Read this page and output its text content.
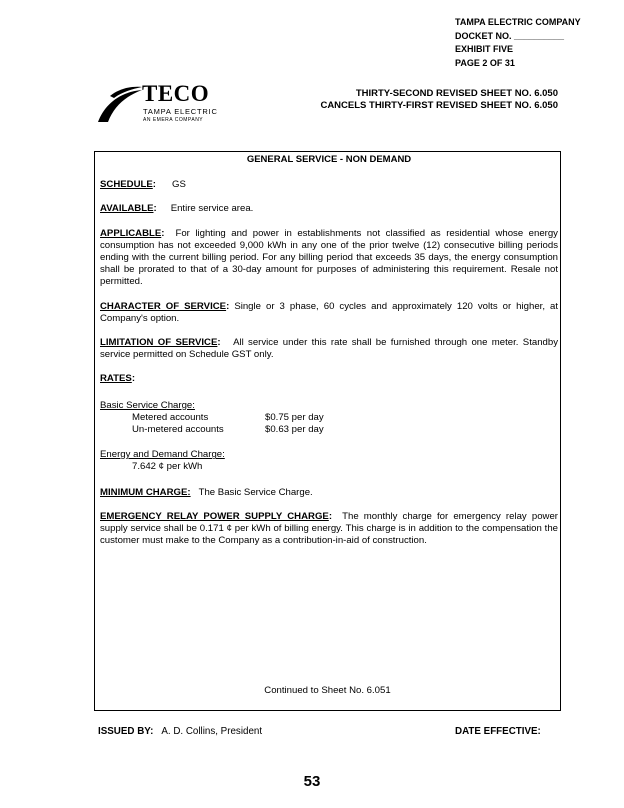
TAMPA ELECTRIC COMPANY
DOCKET NO. __________
EXHIBIT FIVE
PAGE 2 OF 31
TECO
TAMPA ELECTRIC
AN EMERA COMPANY
THIRTY-SECOND REVISED SHEET NO. 6.050
CANCELS THIRTY-FIRST REVISED SHEET NO. 6.050
GENERAL SERVICE - NON DEMAND
SCHEDULE: GS
AVAILABLE: Entire service area.
APPLICABLE: For lighting and power in establishments not classified as residential whose energy consumption has not exceeded 9,000 kWh in any one of the prior twelve (12) consecutive billing periods ending with the current billing period. For any billing period that exceeds 35 days, the energy consumption shall be prorated to that of a 30-day amount for purposes of administering this requirement. Resale not permitted.
CHARACTER OF SERVICE: Single or 3 phase, 60 cycles and approximately 120 volts or higher, at Company's option.
LIMITATION OF SERVICE: All service under this rate shall be furnished through one meter. Standby service permitted on Schedule GST only.
RATES:
Basic Service Charge:
Metered accounts	$0.75 per day
Un-metered accounts	$0.63 per day
Energy and Demand Charge:
7.642 ¢ per kWh
MINIMUM CHARGE: The Basic Service Charge.
EMERGENCY RELAY POWER SUPPLY CHARGE: The monthly charge for emergency relay power supply service shall be 0.171 ¢ per kWh of billing energy. This charge is in addition to the compensation the customer must make to the Company as a contribution-in-aid of construction.
Continued to Sheet No. 6.051
ISSUED BY: A. D. Collins, President	DATE EFFECTIVE:
53
